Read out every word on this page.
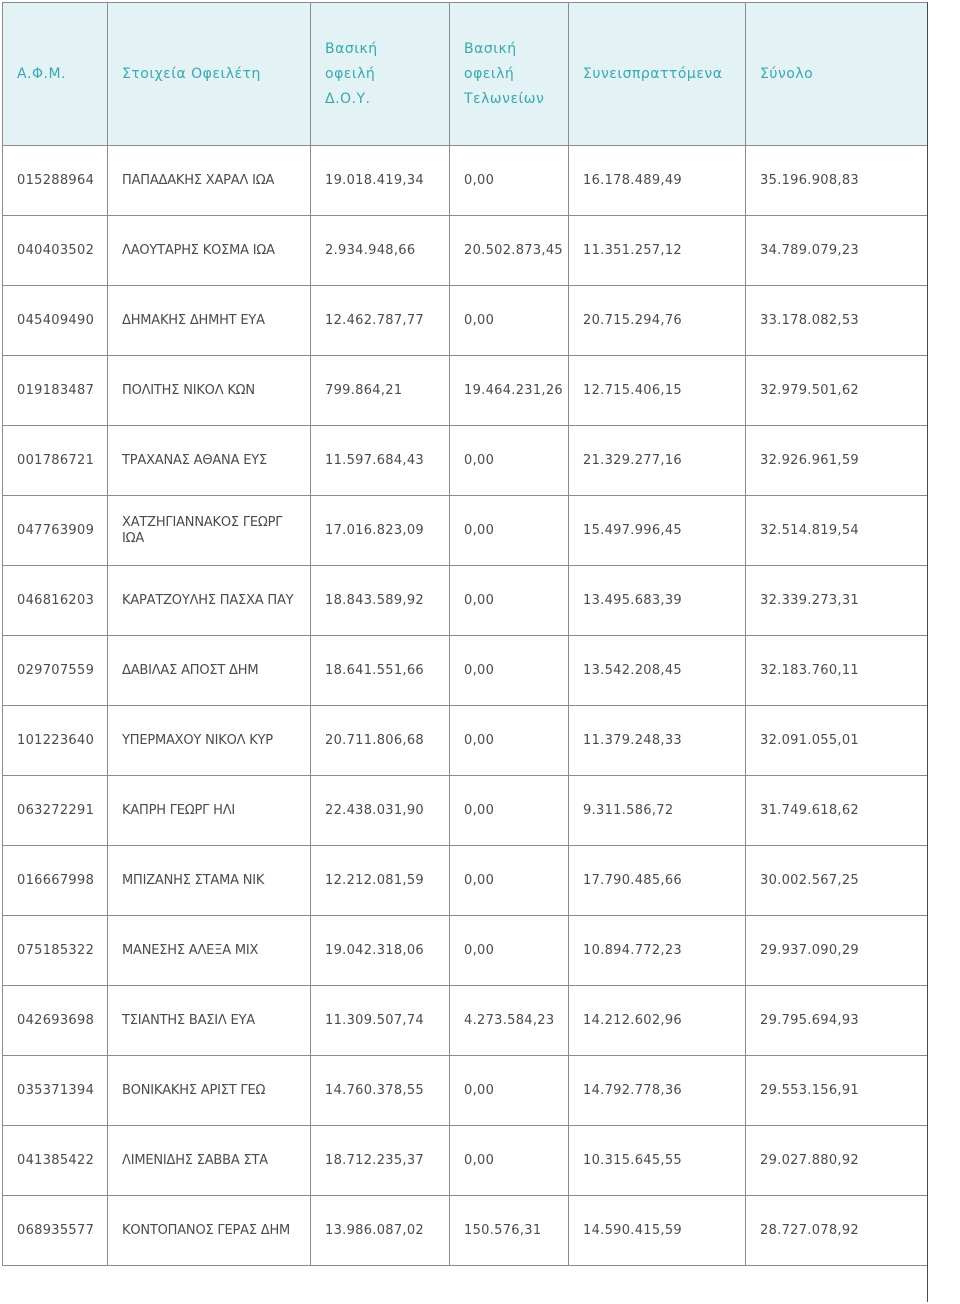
Α.Φ.Μ.	Στοιχεία Οφειλέτη	Βασική
οφειλή
Δ.Ο.Υ.	Βασική
οφειλή
Τελωνείων	Συνεισπραττόμενα	Σύνολο
015288964	ΠΑΠΑΔΑΚΗΣ ΧΑΡΑΛ ΙΩΑ	19.018.419,34	0,00	16.178.489,49	35.196.908,83
040403502	ΛΑΟΥΤΑΡΗΣ ΚΟΣΜΑ ΙΩΑ	2.934.948,66	20.502.873,45	11.351.257,12	34.789.079,23
045409490	ΔΗΜΑΚΗΣ ΔΗΜΗΤ ΕΥΑ	12.462.787,77	0,00	20.715.294,76	33.178.082,53
019183487	ΠΟΛΙΤΗΣ ΝΙΚΟΛ ΚΩΝ	799.864,21	19.464.231,26	12.715.406,15	32.979.501,62
001786721	ΤΡΑΧΑΝΑΣ ΑΘΑΝΑ ΕΥΣ	11.597.684,43	0,00	21.329.277,16	32.926.961,59
047763909	ΧΑΤΖΗΓΙΑΝΝΑΚΟΣ ΓΕΩΡΓ ΙΩΑ	17.016.823,09	0,00	15.497.996,45	32.514.819,54
046816203	ΚΑΡΑΤΖΟΥΛΗΣ ΠΑΣΧΑ ΠΑΥ	18.843.589,92	0,00	13.495.683,39	32.339.273,31
029707559	ΔΑΒΙΛΑΣ ΑΠΟΣΤ ΔΗΜ	18.641.551,66	0,00	13.542.208,45	32.183.760,11
101223640	ΥΠΕΡΜΑΧΟΥ ΝΙΚΟΛ ΚΥΡ	20.711.806,68	0,00	11.379.248,33	32.091.055,01
063272291	ΚΑΠΡΗ ΓΕΩΡΓ ΗΛΙ	22.438.031,90	0,00	9.311.586,72	31.749.618,62
016667998	ΜΠΙΖΑΝΗΣ ΣΤΑΜΑ ΝΙΚ	12.212.081,59	0,00	17.790.485,66	30.002.567,25
075185322	ΜΑΝΕΣΗΣ ΑΛΕΞΑ ΜΙΧ	19.042.318,06	0,00	10.894.772,23	29.937.090,29
042693698	ΤΣΙΑΝΤΗΣ ΒΑΣΙΛ ΕΥΑ	11.309.507,74	4.273.584,23	14.212.602,96	29.795.694,93
035371394	ΒΟΝΙΚΑΚΗΣ ΑΡΙΣΤ ΓΕΩ	14.760.378,55	0,00	14.792.778,36	29.553.156,91
041385422	ΛΙΜΕΝΙΔΗΣ ΣΑΒΒΑ ΣΤΑ	18.712.235,37	0,00	10.315.645,55	29.027.880,92
068935577	ΚΟΝΤΟΠΑΝΟΣ ΓΕΡΑΣ ΔΗΜ	13.986.087,02	150.576,31	14.590.415,59	28.727.078,92
